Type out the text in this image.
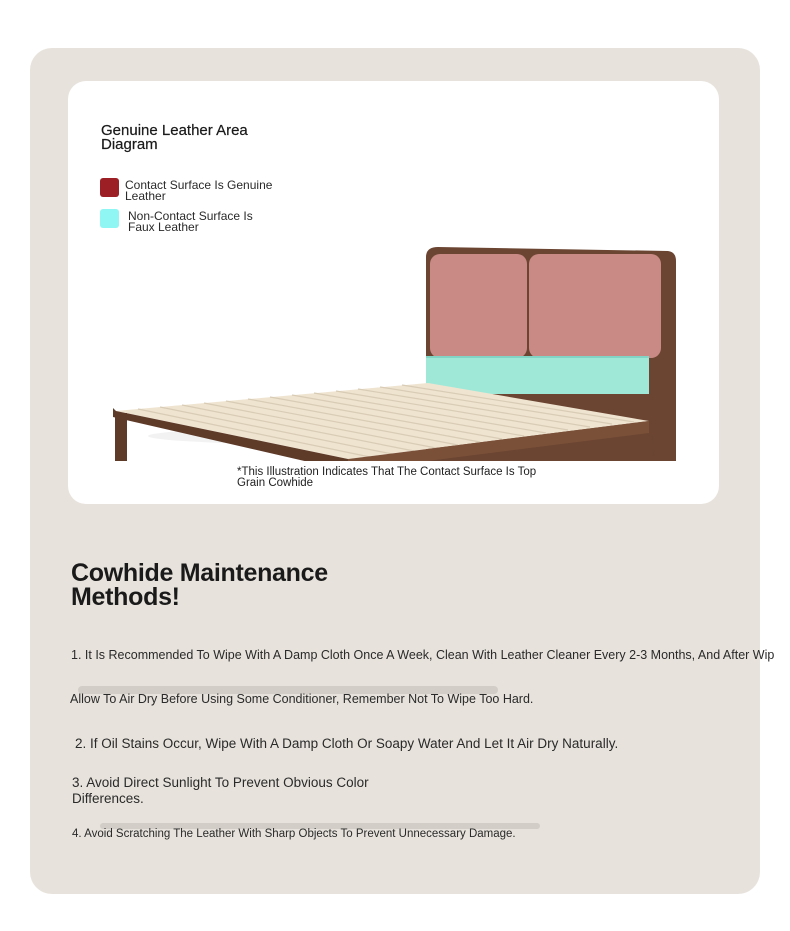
Genuine Leather Area Diagram
Contact Surface Is Genuine Leather
Non-Contact Surface Is Faux Leather
*This Illustration Indicates That The Contact Surface Is Top Grain Cowhide
Cowhide Maintenance Methods!
1. It Is Recommended To Wipe With A Damp Cloth Once A Week, Clean With Leather Cleaner Every 2-3 Months, And After Wip
Allow To Air Dry Before Using Some Conditioner, Remember Not To Wipe Too Hard.
2. If Oil Stains Occur, Wipe With A Damp Cloth Or Soapy Water And Let It Air Dry Naturally.
3. Avoid Direct Sunlight To Prevent Obvious Color Differences.
4. Avoid Scratching The Leather With Sharp Objects To Prevent Unnecessary Damage.
